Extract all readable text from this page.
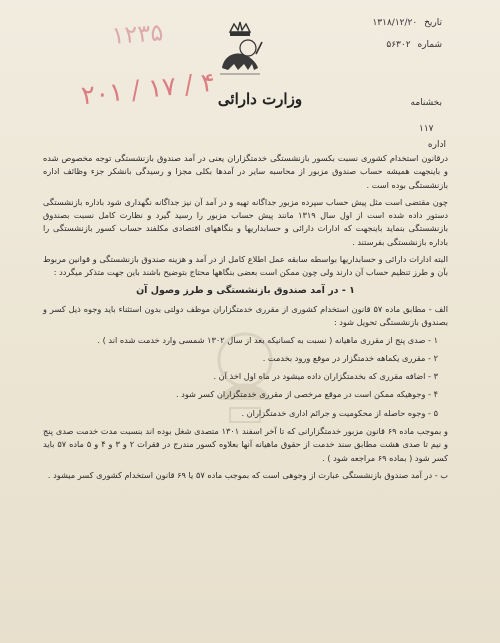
تاریخ ۱۳۱۸/۱۲/۲۰
شماره ۵۶۳۰۲
۱۲۳۵
۲۰۱ / ۱۷ / ۴ وزارت دارائی	بخشنامه
۱۱۷
اداره

درقانون استخدام کشوری نسبت بکسور بازنشستگی خدمتگزاران یعنی در آمد صندوق بازنشستگی توجه مخصوص شده و باینجهت همیشه حساب صندوق مزبور از محاسبه سایر در آمدها بکلی مجزا و رسیدگی بانشکر جزء وظائف اداره بازنشستگی بوده است .

چون مقتضی است مثل پیش حساب سپرده مزبور جداگانه تهیه و در آمد آن نیز جداگانه نگهداری شود باداره بازنشستگی دستور داده شده است از اول سال ۱۳۱۹ مانند پیش حساب مزبور را رسید گیرد و نظارت کامل نسبت بصندوق بازنشستگی بنماید باینجهت که ادارات دارائی و حسابداریها و بنگاههای اقتصادی مکلفند حساب کسور بازنشستگی را باداره بازنشستگی بفرستند .

البته ادارات دارائی و حسابداریها بواسطه سابقه عمل اطلاع کامل از در آمد و هزینه صندوق بازنشستگی و قوانین مربوط بآن و طرز تنظیم حساب آن دارند ولی چون ممکن است بعضی بنگاهها محتاج بتوضیح باشند باین جهت متذکر میگردد :

۱ - در آمد صندوق بازنشستگی و طرز وصول آن

الف - مطابق ماده ۵۷ قانون استخدام کشوری از مقرری خدمتگزاران موظف دولتی بدون استثناء باید وجوه ذیل کسر و بصندوق بازنشستگی تحویل شود :

۱ - صدی پنج از مقرری ماهیانه ( نسبت به کسانیکه بعد از سال ۱۳۰۲ شمسی وارد خدمت شده اند ) .
۲ - مقرری یکماهه خدمتگزار در موقع ورود بخدمت .
۳ - اضافه مقرری که بخدمتگزاران داده میشود در ماه اول اخذ آن .
۴ - وجوهیکه ممکن است در موقع مرخصی از مقرری خدمتگزاران کسر شود .
۵ - وجوه حاصله از محکومیت و جرائم اداری خدمتگزاران .

و بموجب ماده ۶۹ قانون مزبور خدمتگزارانی که تا آخر اسفند ۱۳۰۱ متصدی شغل بوده اند بنسبت مدت خدمت صدی پنج و نیم تا صدی هشت مطابق سند خدمت از حقوق ماهیانه آنها بعلاوه کسور مندرج در فقرات ۲ و ۳ و ۴ و ۵ ماده ۵۷ باید کسر شود ( بماده ۶۹ مراجعه شود ) .

ب - در آمد صندوق بازنشستگی عبارت از وجوهی است که بموجب ماده ۵۷ یا ۶۹ قانون استخدام کشوری کسر میشود .
